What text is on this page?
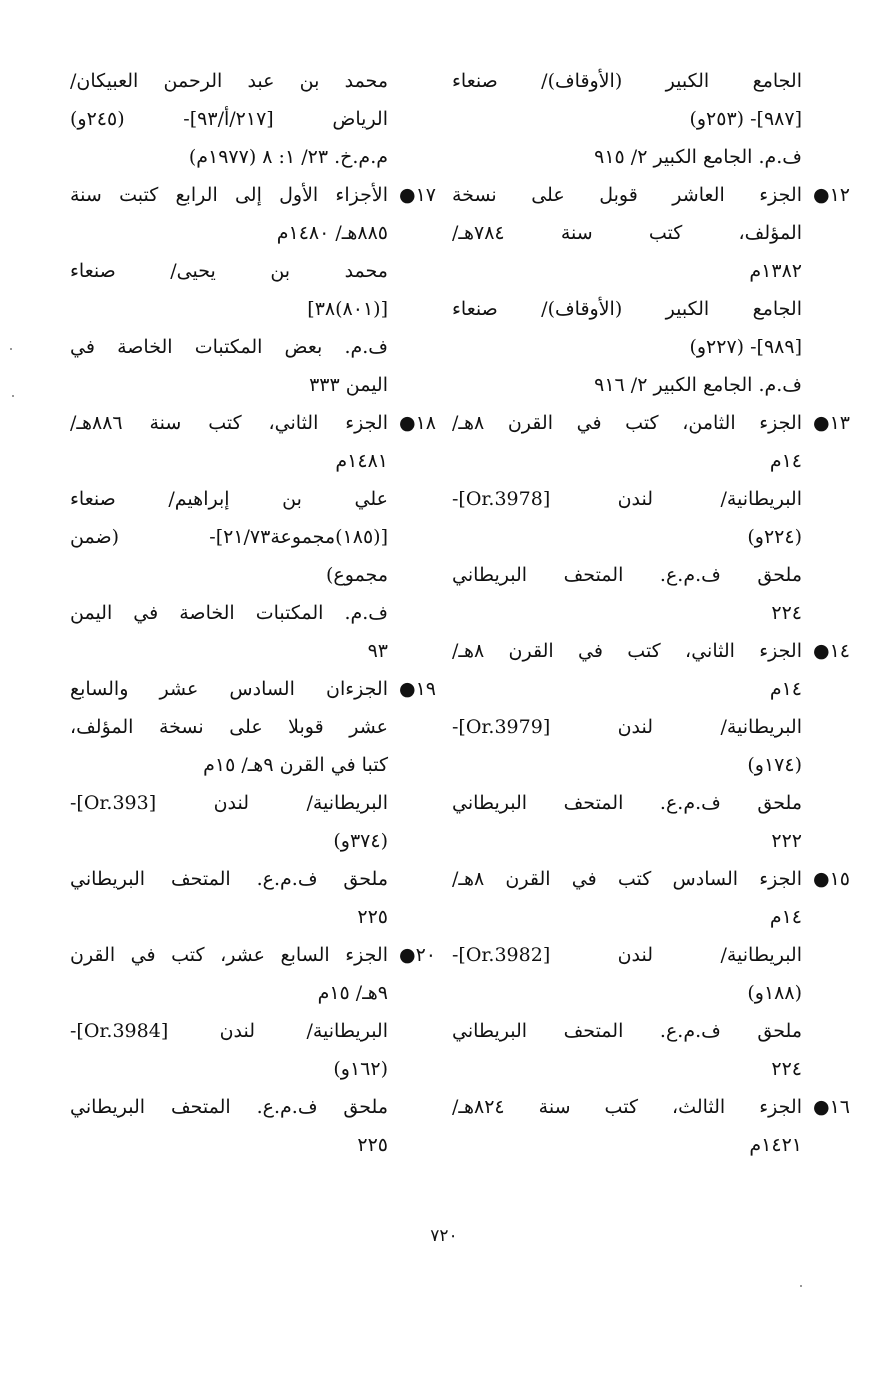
الجامع الكبير (الأوقاف)/ صنعاء
[٩٨٧]- (٢٥٣و)
ف.م. الجامع الكبير ٢/ ٩١٥
الجزء العاشر قوبل على نسخة	١٢●
المؤلف، كتب سنة ٧٨٤هـ/
١٣٨٢م
الجامع الكبير (الأوقاف)/ صنعاء
[٩٨٩]- (٢٢٧و)
ف.م. الجامع الكبير ٢/ ٩١٦
الجزء الثامن، كتب في القرن ٨هـ/	١٣●
١٤م
البريطانية/ لندن [Or.3978]-
(٢٢٤و)
ملحق ف.م.ع. المتحف البريطاني
٢٢٤
الجزء الثاني، كتب في القرن ٨هـ/	١٤●
١٤م
البريطانية/ لندن [Or.3979]-
(١٧٤و)
ملحق ف.م.ع. المتحف البريطاني
٢٢٢
الجزء السادس كتب في القرن ٨هـ/	١٥●
١٤م
البريطانية/ لندن [Or.3982]-
(١٨٨و)
ملحق ف.م.ع. المتحف البريطاني
٢٢٤
الجزء الثالث، كتب سنة ٨٢٤هـ/	١٦●
١٤٢١م
محمد بن عبد الرحمن العبيكان/
الرياض [٢١٧/أ/٩٣]- (٢٤٥و)
م.م.خ. ٢٣/ ١: ٨ (١٩٧٧م)
الأجزاء الأول إلى الرابع كتبت سنة	١٧●
٨٨٥هـ/ ١٤٨٠م
محمد بن يحيى/ صنعاء
[(٨٠١)٣٨]
ف.م. بعض المكتبات الخاصة في
اليمن ٣٣٣
الجزء الثاني، كتب سنة ٨٨٦هـ/	١٨●
١٤٨١م
علي بن إبراهيم/ صنعاء
[(١٨٥)مجموعة٢١/٧٣]- (ضمن
مجموع)
ف.م. المكتبات الخاصة في اليمن
٩٣
الجزءان السادس عشر والسابع	١٩●
عشر قوبلا على نسخة المؤلف،
كتبا في القرن ٩هـ/ ١٥م
البريطانية/ لندن [Or.393]-
(٣٧٤و)
ملحق ف.م.ع. المتحف البريطاني
٢٢٥
الجزء السابع عشر، كتب في القرن	٢٠●
٩هـ/ ١٥م
البريطانية/ لندن [Or.3984]-
(١٦٢و)
ملحق ف.م.ع. المتحف البريطاني
٢٢٥
٧٢٠
